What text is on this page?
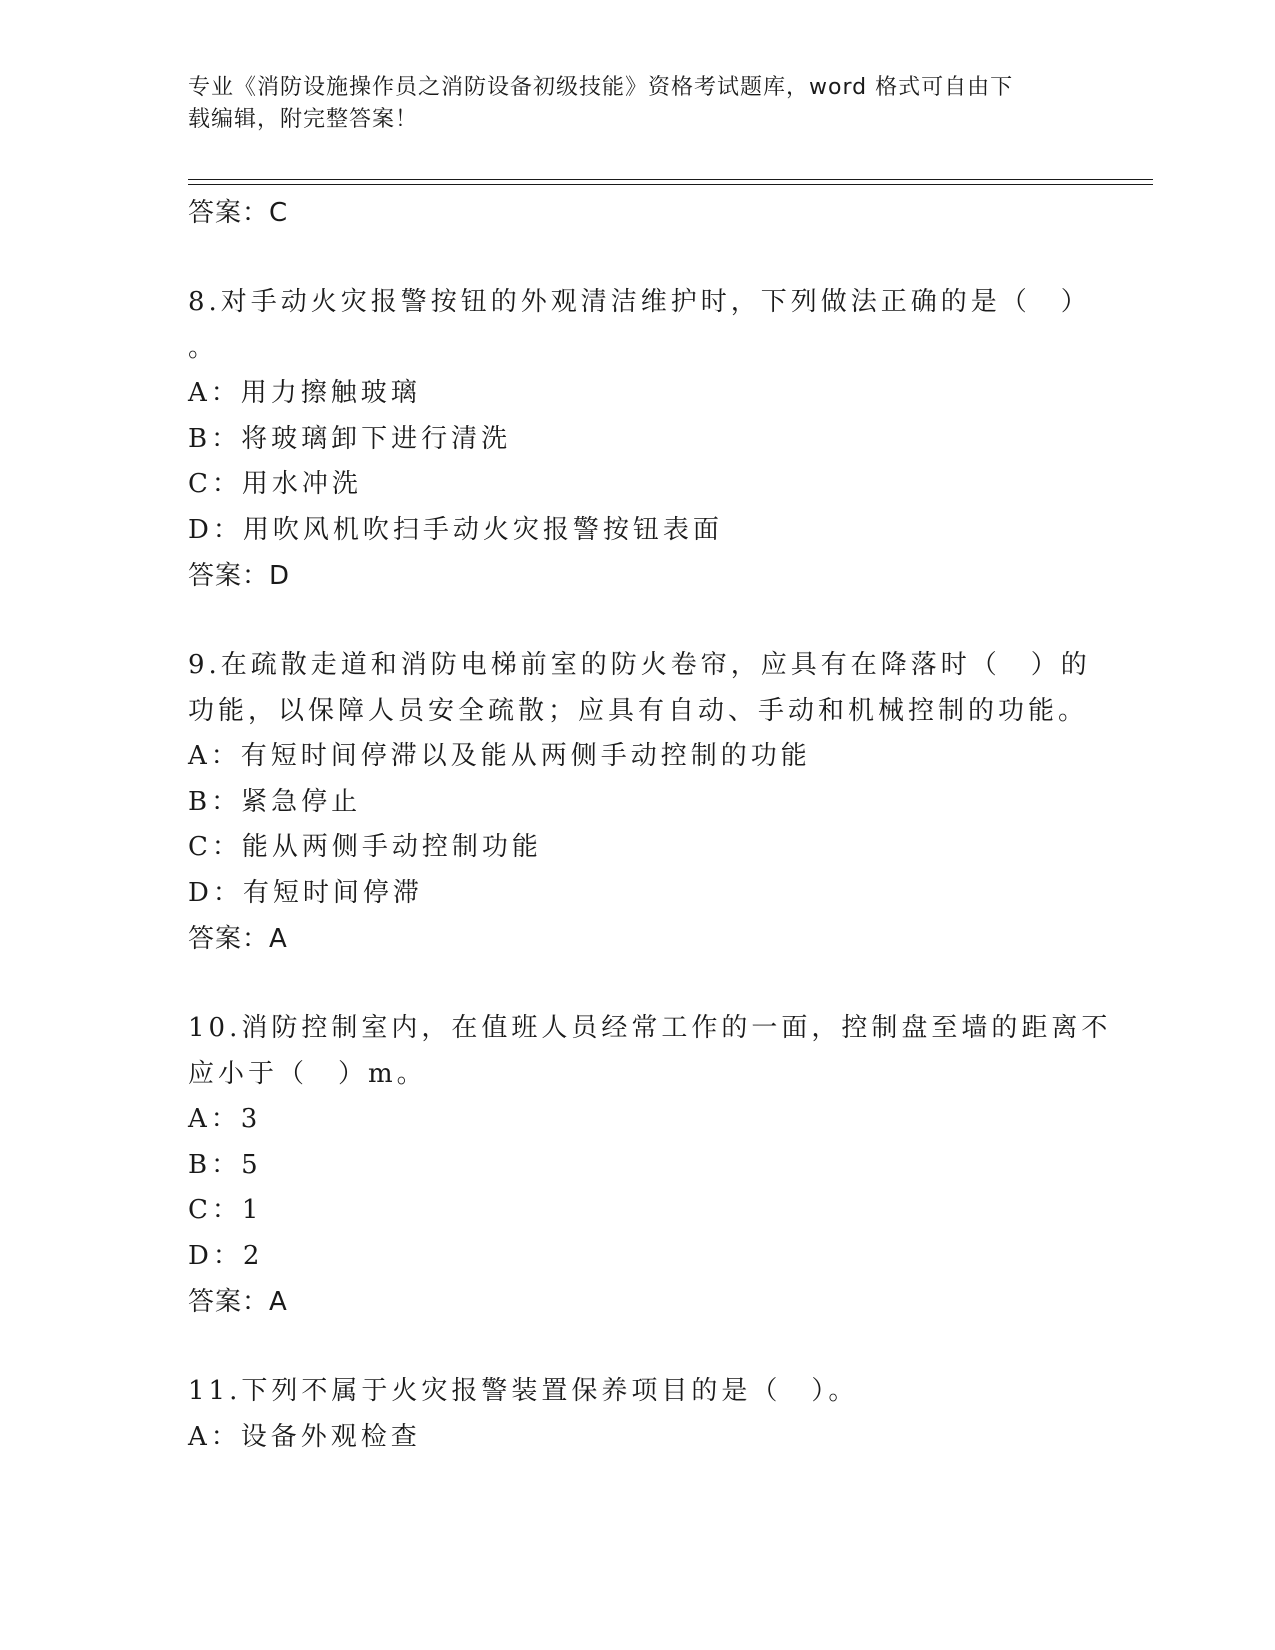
专业《消防设施操作员之消防设备初级技能》资格考试题库，word 格式可自由下
载编辑，附完整答案！
答案：C
8.对手动火灾报警按钮的外观清洁维护时，下列做法正确的是（　）
。
A：用力擦触玻璃
B：将玻璃卸下进行清洗
C：用水冲洗
D：用吹风机吹扫手动火灾报警按钮表面
答案：D
9.在疏散走道和消防电梯前室的防火卷帘，应具有在降落时（　）的
功能，以保障人员安全疏散；应具有自动、手动和机械控制的功能。
A：有短时间停滞以及能从两侧手动控制的功能
B：紧急停止
C：能从两侧手动控制功能
D：有短时间停滞
答案：A
10.消防控制室内，在值班人员经常工作的一面，控制盘至墙的距离不
应小于（　）m。
A：3
B：5
C：1
D：2
答案：A
11.下列不属于火灾报警装置保养项目的是（　）。
A：设备外观检查
